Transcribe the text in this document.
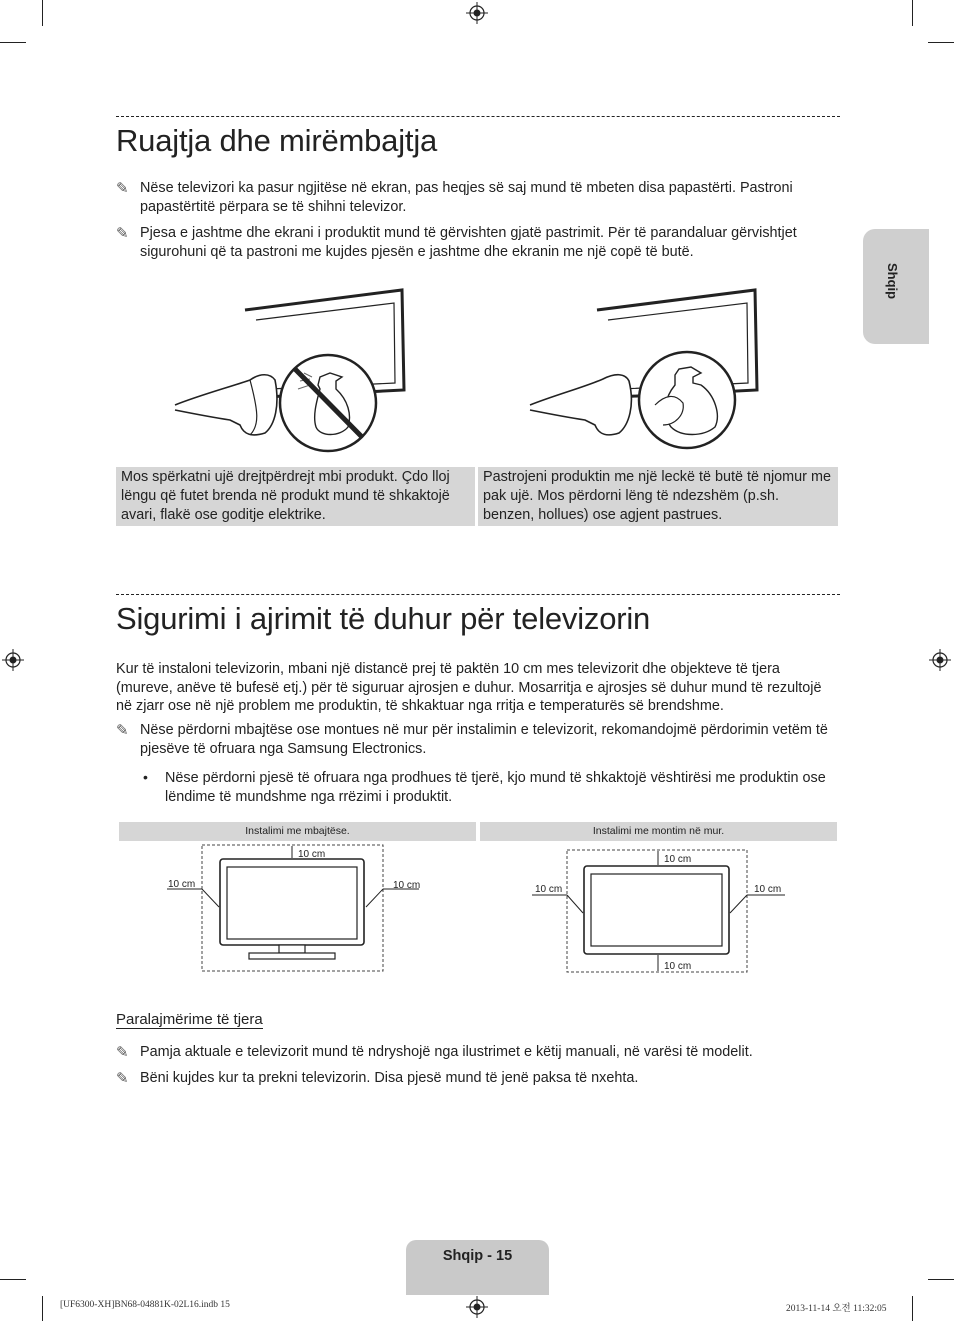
Shqip
Ruajtja dhe mirëmbajtja
✎ Nëse televizori ka pasur ngjitëse në ekran, pas heqjes së saj mund të mbeten disa papastërti. Pastroni papastërtitë përpara se të shihni televizor.
✎ Pjesa e jashtme dhe ekrani i produktit mund të gërvishten gjatë pastrimit. Për të parandaluar gërvishtjet sigurohuni që ta pastroni me kujdes pjesën e jashtme dhe ekranin me një copë të butë.
Mos spërkatni ujë drejtpërdrejt mbi produkt. Çdo lloj lëngu që futet brenda në produkt mund të shkaktojë avari, flakë ose goditje elektrike.
Pastrojeni produktin me një leckë të butë të njomur me pak ujë. Mos përdorni lëng të ndezshëm (p.sh. benzen, hollues) ose agjent pastrues.
Sigurimi i ajrimit të duhur për televizorin
Kur të instaloni televizorin, mbani një distancë prej të paktën 10 cm mes televizorit dhe objekteve të tjera (mureve, anëve të bufesë etj.) për të siguruar ajrosjen e duhur. Mosarritja e ajrosjes së duhur mund të rezultojë në zjarr ose në një problem me produktin, të shkaktuar nga rritja e temperaturës së brendshme.
✎ Nëse përdorni mbajtëse ose montues në mur për instalimin e televizorit, rekomandojmë përdorimin vetëm të pjesëve të ofruara nga Samsung Electronics.
• Nëse përdorni pjesë të ofruara nga prodhues të tjerë, kjo mund të shkaktojë vështirësi me produktin ose lëndime të mundshme nga rrëzimi i produktit.
Instalimi me mbajtëse.	Instalimi me montim në mur.
10 cm
10 cm	10 cm
10 cm
10 cm
10 cm	10 cm
Paralajmërime të tjera
✎ Pamja aktuale e televizorit mund të ndryshojë nga ilustrimet e këtij manuali, në varësi të modelit.
✎ Bëni kujdes kur ta prekni televizorin. Disa pjesë mund të jenë paksa të nxehta.
Shqip - 15
[UF6300-XH]BN68-04881K-02L16.indb 15	2013-11-14 오전 11:32:05
